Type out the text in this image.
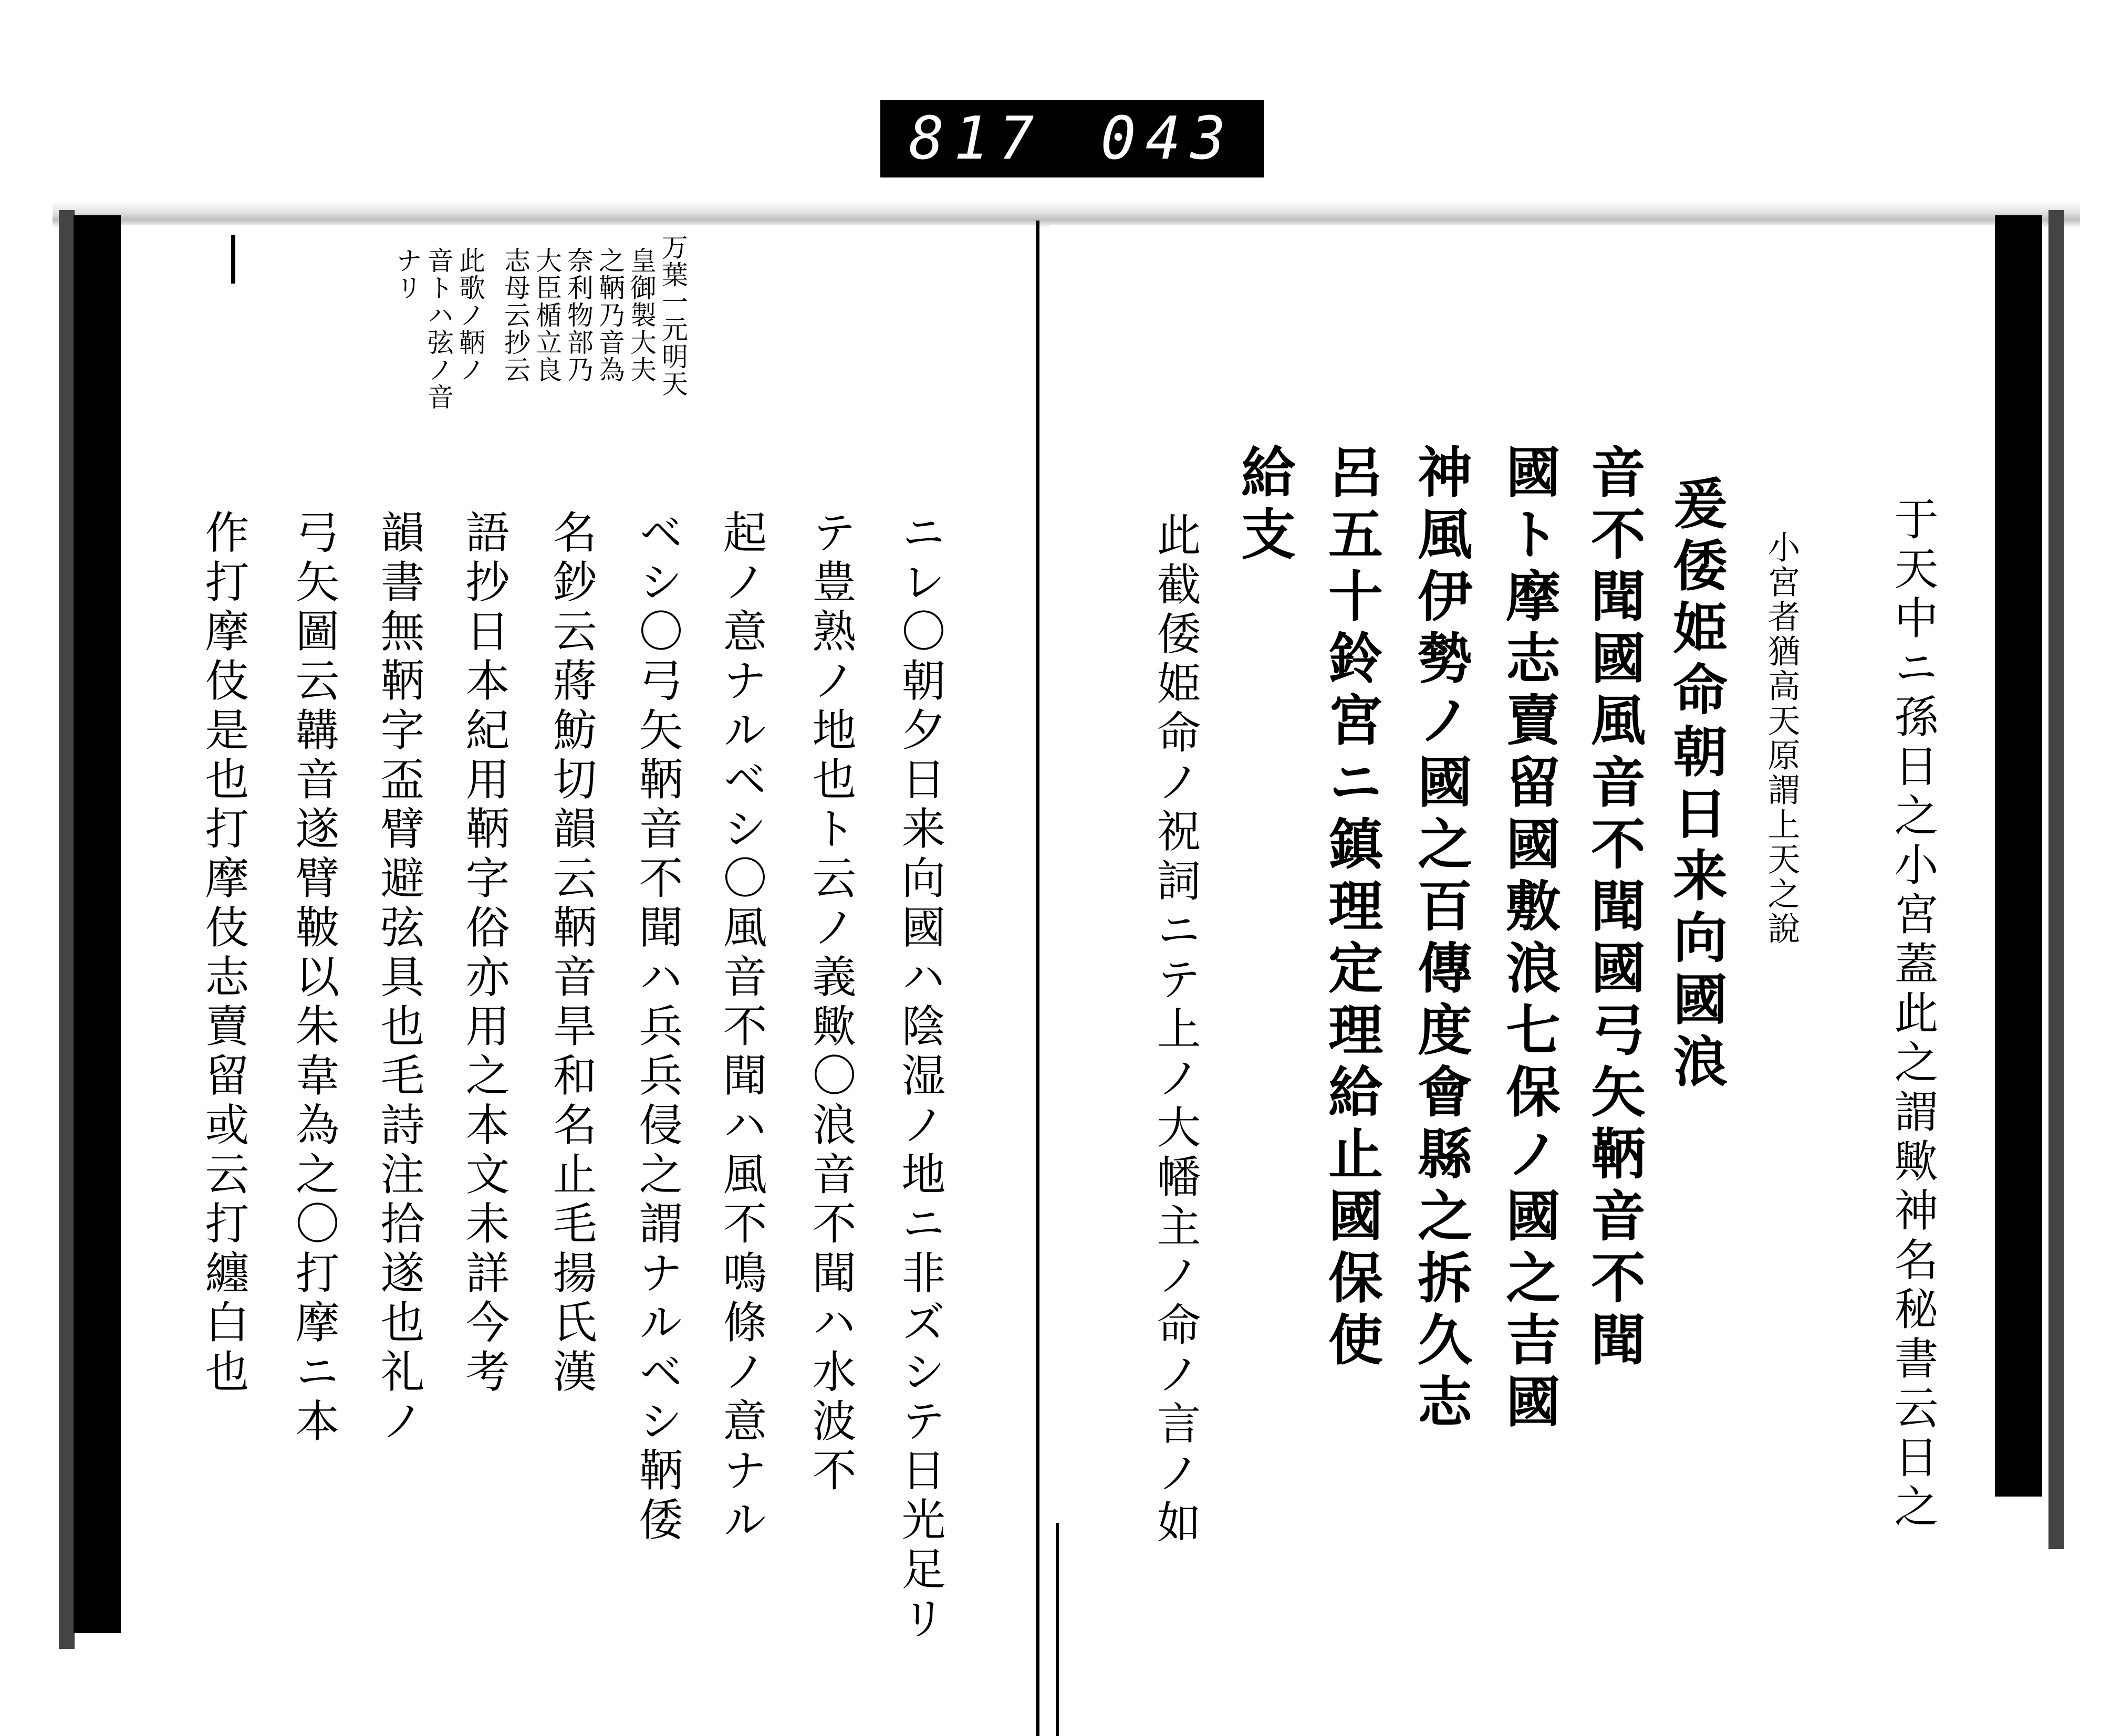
817 043
于天中ニ孫日之小宮蓋此之謂歟神名秘書云日之
小宮者猶高天原謂上天之說
爰倭姫命朝日来向國浪
音不聞國風音不聞國弓矢鞆音不聞
國ト摩志賣留國敷浪七保ノ國之吉國
神風伊勢ノ國之百傳度會縣之拆久志
呂五十鈴宮ニ鎮理定理給止國保使
給支
此截倭姫命ノ祝詞ニテ上ノ大幡主ノ命ノ言ノ如
万葉一元明天
皇御製大夫
之鞆乃音為
奈利物部乃
大臣楯立良
志母云抄云
此歌ノ鞆ノ
音トハ弦ノ音
ナリ
ニレ〇朝夕日来向國ハ陰湿ノ地ニ非ズシテ日光足リ
テ豊熟ノ地也ト云ノ義歟〇浪音不聞ハ水波不
起ノ意ナルベシ〇風音不聞ハ風不鳴條ノ意ナル
ベシ〇弓矢鞆音不聞ハ兵兵侵之謂ナルベシ鞆倭
名鈔云蔣魴切韻云鞆音旱和名止毛揚氏漢
語抄日本紀用鞆字俗亦用之本文未詳今考
韻書無鞆字盃臂避弦具也毛詩注拾遂也礼ノ
弓矢圖云韝音遂臂鞁以朱韋為之〇打摩ニ本
作打摩伎是也打摩伎志賣留或云打纏白也
